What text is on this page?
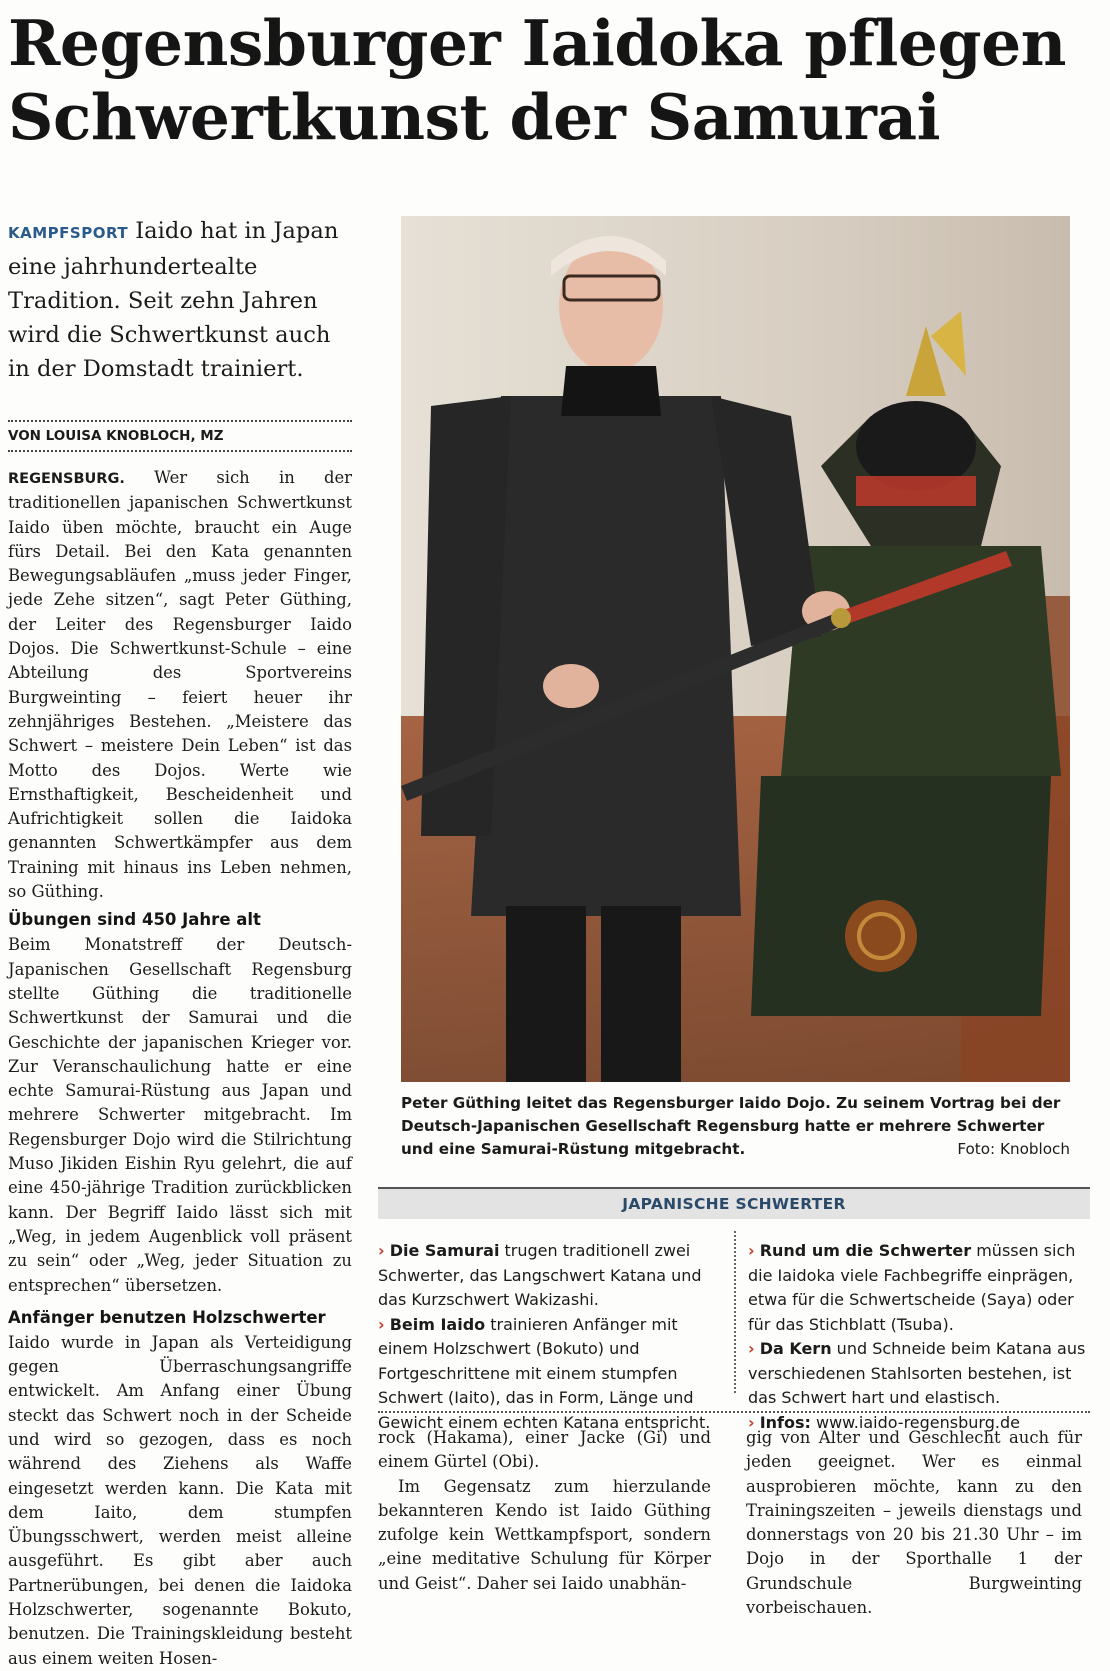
Regensburger Iaidoka pflegen
Schwertkunst der Samurai

KAMPFSPORT Iaido hat in Japan eine jahrhundertealte Tradition. Seit zehn Jahren wird die Schwertkunst auch in der Domstadt trainiert.

VON LOUISA KNOBLOCH, MZ

REGENSBURG. Wer sich in der traditionellen japanischen Schwertkunst Iaido üben möchte, braucht ein Auge fürs Detail. Bei den Kata genannten Bewegungsabläufen „muss jeder Finger, jede Zehe sitzen“, sagt Peter Güthing, der Leiter des Regensburger Iaido Dojos. Die Schwertkunst-Schule – eine Abteilung des Sportvereins Burgweinting – feiert heuer ihr zehnjähriges Bestehen. „Meistere das Schwert – meistere Dein Leben“ ist das Motto des Dojos. Werte wie Ernsthaftigkeit, Bescheidenheit und Aufrichtigkeit sollen die Iaidoka genannten Schwertkämpfer aus dem Training mit hinaus ins Leben nehmen, so Güthing.

Übungen sind 450 Jahre alt

Beim Monatstreff der Deutsch-Japanischen Gesellschaft Regensburg stellte Güthing die traditionelle Schwertkunst der Samurai und die Geschichte der japanischen Krieger vor. Zur Veranschaulichung hatte er eine echte Samurai-Rüstung aus Japan und mehrere Schwerter mitgebracht. Im Regensburger Dojo wird die Stilrichtung Muso Jikiden Eishin Ryu gelehrt, die auf eine 450-jährige Tradition zurückblicken kann. Der Begriff Iaido lässt sich mit „Weg, in jedem Augenblick voll präsent zu sein“ oder „Weg, jeder Situation zu entsprechen“ übersetzen.

Anfänger benutzen Holzschwerter

Iaido wurde in Japan als Verteidigung gegen Überraschungsangriffe entwickelt. Am Anfang einer Übung steckt das Schwert noch in der Scheide und wird so gezogen, dass es noch während des Ziehens als Waffe eingesetzt werden kann. Die Kata mit dem Iaito, dem stumpfen Übungsschwert, werden meist alleine ausgeführt. Es gibt aber auch Partnerübungen, bei denen die Iaidoka Holzschwerter, sogenannte Bokuto, benutzen. Die Trainingskleidung besteht aus einem weiten Hosen-

Peter Güthing leitet das Regensburger Iaido Dojo. Zu seinem Vortrag bei der Deutsch-Japanischen Gesellschaft Regensburg hatte er mehrere Schwerter und eine Samurai-Rüstung mitgebracht.	Foto: Knobloch

JAPANISCHE SCHWERTER

› Die Samurai trugen traditionell zwei Schwerter, das Langschwert Katana und das Kurzschwert Wakizashi.

› Beim Iaido trainieren Anfänger mit einem Holzschwert (Bokuto) und Fortgeschrittene mit einem stumpfen Schwert (Iaito), das in Form, Länge und Gewicht einem echten Katana entspricht.

› Rund um die Schwerter müssen sich die Iaidoka viele Fachbegriffe einprägen, etwa für die Schwertscheide (Saya) oder für das Stichblatt (Tsuba).

› Da Kern und Schneide beim Katana aus verschiedenen Stahlsorten bestehen, ist das Schwert hart und elastisch.

› Infos: www.iaido-regensburg.de

rock (Hakama), einer Jacke (Gi) und einem Gürtel (Obi).

Im Gegensatz zum hierzulande bekannteren Kendo ist Iaido Güthing zufolge kein Wettkampfsport, sondern „eine meditative Schulung für Körper und Geist“. Daher sei Iaido unabhän-

gig von Alter und Geschlecht auch für jeden geeignet. Wer es einmal ausprobieren möchte, kann zu den Trainingszeiten – jeweils dienstags und donnerstags von 20 bis 21.30 Uhr – im Dojo in der Sporthalle 1 der Grundschule Burgweinting vorbeischauen.
